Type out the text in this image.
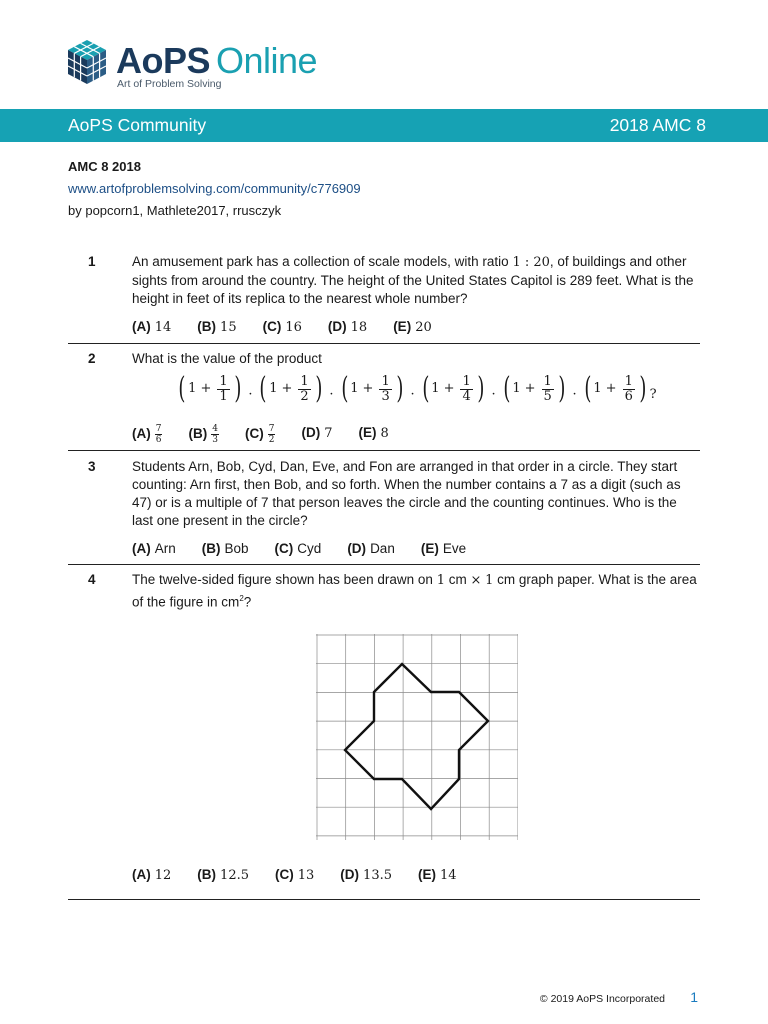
AoPS Online
Art of Problem Solving
AoPS Community	2018 AMC 8
AMC 8 2018
www.artofproblemsolving.com/community/c776909
by popcorn1, Mathlete2017, rrusczyk
1	An amusement park has a collection of scale models, with ratio 1 : 20, of buildings and other sights from around the country. The height of the United States Capitol is 289 feet. What is the height in feet of its replica to the nearest whole number?
(A) 14 (B) 15 (C) 16 (D) 18 (E) 20
2	What is the value of the product
( $1 + \frac{1}{1}$ ) · ( $1 + \frac{1}{2}$ ) · ( $1 + \frac{1}{3}$ ) · ( $1 + \frac{1}{4}$ ) · ( $1 + \frac{1}{5}$ ) · ( $1 + \frac{1}{6}$ ) ?
$(A) \frac{7}{6} (B) \frac{4}{3} (C) \frac{7}{2} (D)$ 7 (E) 8
3	Students Arn, Bob, Cyd, Dan, Eve, and Fon are arranged in that order in a circle. They start counting: Arn first, then Bob, and so forth. When the number contains a 7 as a digit (such as 47) or is a multiple of 7 that person leaves the circle and the counting continues. Who is the last one present in the circle?
(A) Arn (B) Bob (C) Cyd (D) Dan (E) Eve
4	The twelve-sided figure shown has been drawn on 1 cm × 1 cm graph paper. What is the area of the figure in $cm^2$?
(A) 12 (B) 12.5 (C) 13 (D) 13.5 (E) 14
© 2019 AoPS Incorporated 1
